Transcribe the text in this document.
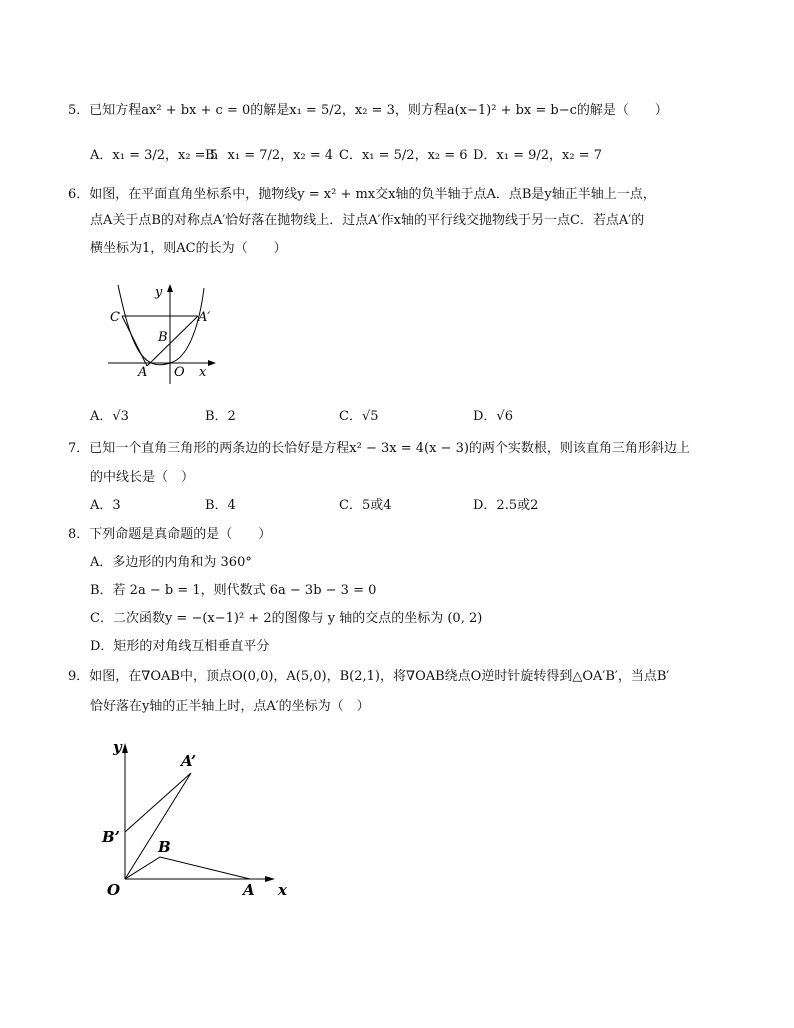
5．已知方程ax² + bx + c = 0的解是x₁ = 5/2，x₂ = 3，则方程a(x−1)² + bx = b−c的解是（　　）
A．x₁ = 3/2，x₂ = 5
B．x₁ = 7/2，x₂ = 4 C．x₁ = 5/2，x₂ = 6 D．x₁ = 9/2，x₂ = 7
6．如图，在平面直角坐标系中，抛物线y = x² + mx交x轴的负半轴于点A．点B是y轴正半轴上一点，
点A关于点B的对称点A′恰好落在抛物线上．过点A′作x轴的平行线交抛物线于另一点C．若点A′的
横坐标为1，则AC的长为（　　）
y
C	A′
B
A O x
A．√3	B．2	C．√5	D．√6
7．已知一个直角三角形的两条边的长恰好是方程x² − 3x = 4(x − 3)的两个实数根，则该直角三角形斜边上
的中线长是（　）
A．3	B．4	C．5或4	D．2.5或2
8．下列命题是真命题的是（　　）
A．多边形的内角和为 360°
B．若 2a − b = 1，则代数式 6a − 3b − 3 = 0
C．二次函数y = −(x−1)² + 2的图像与 y 轴的交点的坐标为 (0, 2)
D．矩形的对角线互相垂直平分
9．如图，在∇OAB中，顶点O(0,0)，A(5,0)，B(2,1)，将∇OAB绕点O逆时针旋转得到△OA′B′，当点B′
恰好落在y轴的正半轴上时，点A′的坐标为（　）
y
A’
B’
B
O	A x
